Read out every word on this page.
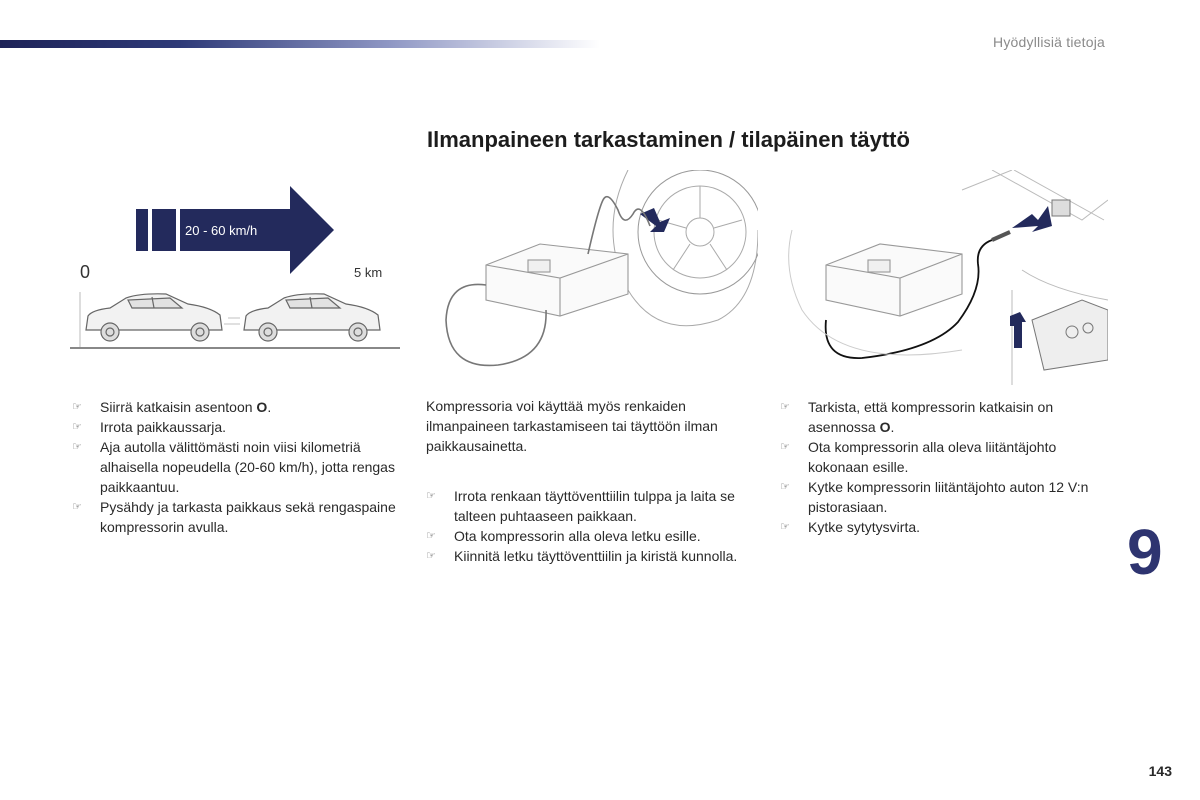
Hyödyllisiä tietoja
Ilmanpaineen tarkastaminen / tilapäinen täyttö
20 - 60 km/h
0	5 km
☞ Siirrä katkaisin asentoon O.
☞ Irrota paikkaussarja.
☞ Aja autolla välittömästi noin viisi kilometriä alhaisella nopeudella (20-60 km/h), jotta rengas paikkaantuu.
☞ Pysähdy ja tarkasta paikkaus sekä rengaspaine kompressorin avulla.

Kompressoria voi käyttää myös renkaiden ilmanpaineen tarkastamiseen tai täyttöön ilman paikkausainetta.

☞ Irrota renkaan täyttöventtiilin tulppa ja laita se talteen puhtaaseen paikkaan.
☞ Ota kompressorin alla oleva letku esille.
☞ Kiinnitä letku täyttöventtiilin ja kiristä kunnolla.
☞ Tarkista, että kompressorin katkaisin on asennossa O.
☞ Ota kompressorin alla oleva liitäntäjohto kokonaan esille.
☞ Kytke kompressorin liitäntäjohto auton 12 V:n pistorasiaan.
☞ Kytke sytytysvirta.	9
143
